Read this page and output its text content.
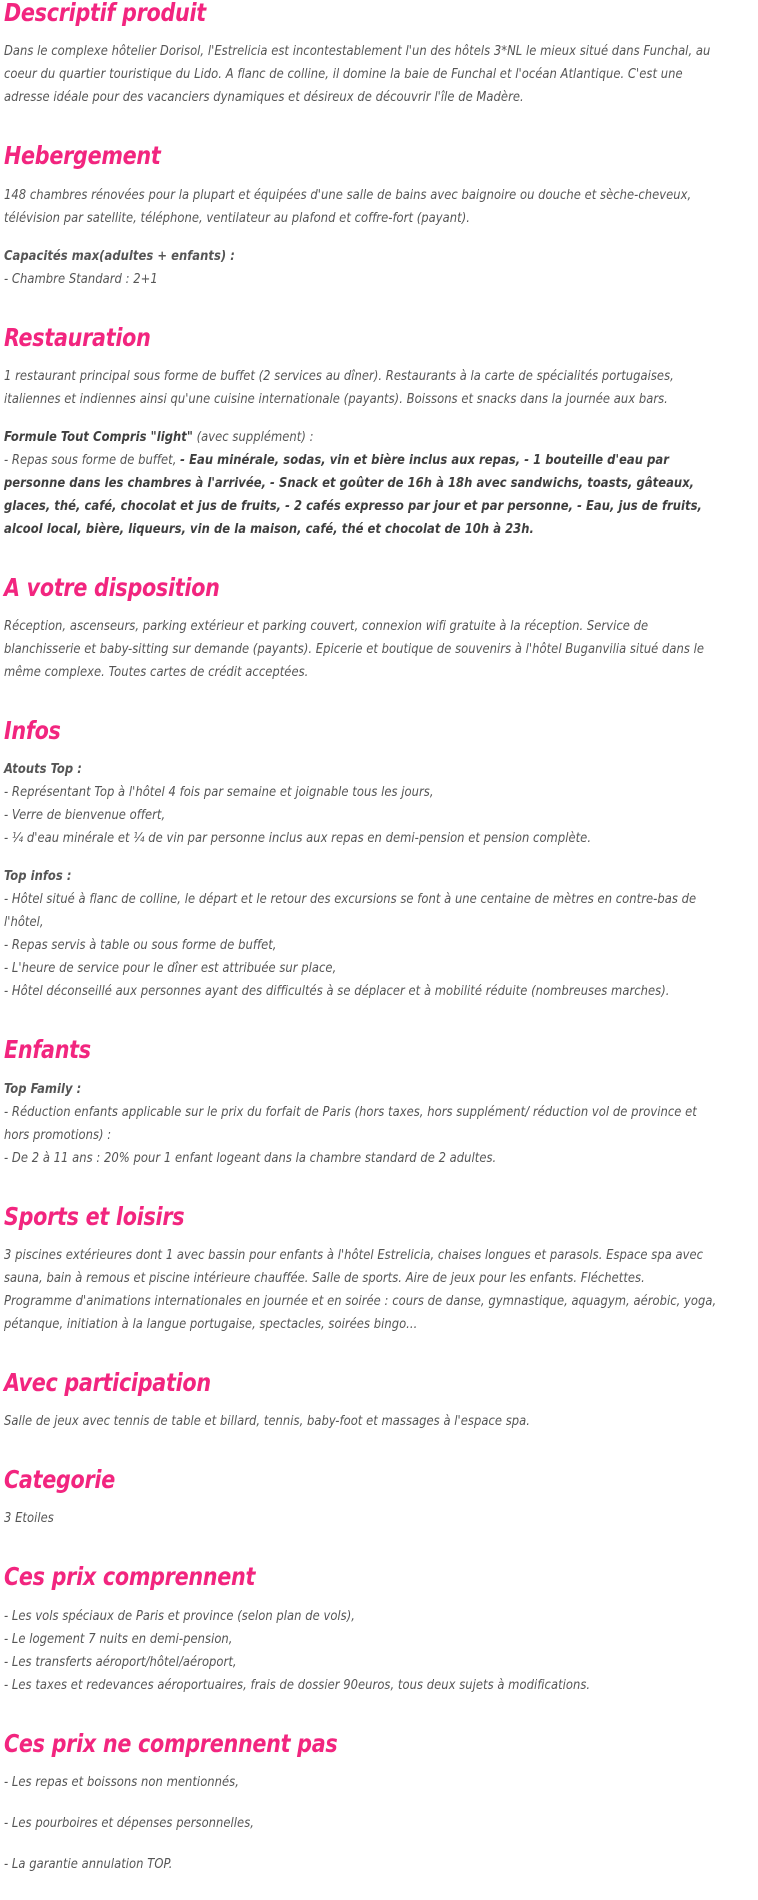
Descriptif produit

Dans le complexe hôtelier Dorisol, l'Estrelicia est incontestablement l'un des hôtels 3*NL le mieux situé dans Funchal, au coeur du quartier touristique du Lido. A flanc de colline, il domine la baie de Funchal et l'océan Atlantique. C'est une adresse idéale pour des vacanciers dynamiques et désireux de découvrir l'île de Madère.

Hebergement

148 chambres rénovées pour la plupart et équipées d'une salle de bains avec baignoire ou douche et sèche-cheveux, télévision par satellite, téléphone, ventilateur au plafond et coffre-fort (payant).

Capacités max(adultes + enfants) :

- Chambre Standard : 2+1

Restauration

1 restaurant principal sous forme de buffet (2 services au dîner). Restaurants à la carte de spécialités portugaises, italiennes et indiennes ainsi qu'une cuisine internationale (payants). Boissons et snacks dans la journée aux bars.

Formule Tout Compris "light" (avec supplément) :

- Repas sous forme de buffet, - Eau minérale, sodas, vin et bière inclus aux repas, - 1 bouteille d'eau par personne dans les chambres à l'arrivée, - Snack et goûter de 16h à 18h avec sandwichs, toasts, gâteaux, glaces, thé, café, chocolat et jus de fruits, - 2 cafés expresso par jour et par personne, - Eau, jus de fruits, alcool local, bière, liqueurs, vin de la maison, café, thé et chocolat de 10h à 23h.

A votre disposition

Réception, ascenseurs, parking extérieur et parking couvert, connexion wifi gratuite à la réception. Service de blanchisserie et baby-sitting sur demande (payants). Epicerie et boutique de souvenirs à l'hôtel Buganvilia situé dans le même complexe. Toutes cartes de crédit acceptées.

Infos

Atouts Top :

- Représentant Top à l'hôtel 4 fois par semaine et joignable tous les jours,

- Verre de bienvenue offert,

- ¼ d'eau minérale et ¼ de vin par personne inclus aux repas en demi-pension et pension complète.

Top infos :

- Hôtel situé à flanc de colline, le départ et le retour des excursions se font à une centaine de mètres en contre-bas de l'hôtel,

- Repas servis à table ou sous forme de buffet,

- L'heure de service pour le dîner est attribuée sur place,

- Hôtel déconseillé aux personnes ayant des difficultés à se déplacer et à mobilité réduite (nombreuses marches).

Enfants

Top Family :

- Réduction enfants applicable sur le prix du forfait de Paris (hors taxes, hors supplément/ réduction vol de province et hors promotions) :

- De 2 à 11 ans : 20% pour 1 enfant logeant dans la chambre standard de 2 adultes.

Sports et loisirs

3 piscines extérieures dont 1 avec bassin pour enfants à l'hôtel Estrelicia, chaises longues et parasols. Espace spa avec sauna, bain à remous et piscine intérieure chauffée. Salle de sports. Aire de jeux pour les enfants. Fléchettes.

Programme d'animations internationales en journée et en soirée : cours de danse, gymnastique, aquagym, aérobic, yoga, pétanque, initiation à la langue portugaise, spectacles, soirées bingo...

Avec participation

Salle de jeux avec tennis de table et billard, tennis, baby-foot et massages à l'espace spa.

Categorie

3 Etoiles

Ces prix comprennent

- Les vols spéciaux de Paris et province (selon plan de vols),

- Le logement 7 nuits en demi-pension,

- Les transferts aéroport/hôtel/aéroport,

- Les taxes et redevances aéroportuaires, frais de dossier 90euros, tous deux sujets à modifications.

Ces prix ne comprennent pas

- Les repas et boissons non mentionnés,

- Les pourboires et dépenses personnelles,

- La garantie annulation TOP.
